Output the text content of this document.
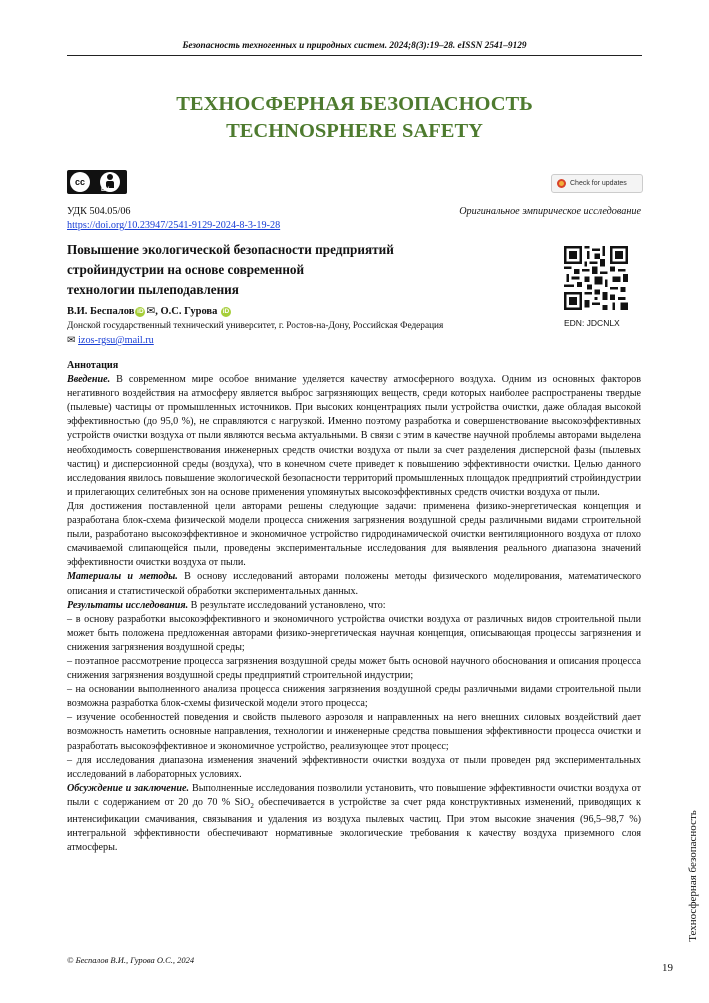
Безопасность техногенных и природных систем. 2024;8(3):19–28. eISSN 2541–9129
ТЕХНОСФЕРНАЯ БЕЗОПАСНОСТЬ
TECHNOSPHERE SAFETY
cc
BY
Check for updates
УДК 504.05/06	Оригинальное эмпирическое исследование
https://doi.org/10.23947/2541-9129-2024-8-3-19-28
Повышение экологической безопасности предприятий
стройиндустрии на основе современной
технологии пылеподавления
EDN: JDCNLX
В.И. Беспалов iD ✉, О.С. Гурова iD
Донской государственный технический университет, г. Ростов-на-Дону, Российская Федерация
✉ izos-rgsu@mail.ru

Аннотация

Введение. В современном мире особое внимание уделяется качеству атмосферного воздуха. Одним из основных факторов негативного воздействия на атмосферу является выброс загрязняющих веществ, среди которых наиболее распространены твердые (пылевые) частицы от промышленных источников. При высоких концентрациях пыли устройства очистки, даже обладая высокой эффективностью (до 95,0 %), не справляются с нагрузкой. Именно поэтому разработка и совершенствование высокоэффективных устройств очистки воздуха от пыли являются весьма актуальными. В связи с этим в качестве научной проблемы авторами выделена необходимость совершенствования инженерных средств очистки воздуха от пыли за счет разделения дисперсной фазы (пылевых частиц) и дисперсионной среды (воздуха), что в конечном счете приведет к повышению эффективности очистки. Целью данного исследования явилось повышение экологической безопасности территорий промышленных площадок предприятий стройиндустрии и прилегающих селитебных зон на основе применения упомянутых высокоэффективных средств очистки воздуха от пыли.

Для достижения поставленной цели авторами решены следующие задачи: применена физико-энергетическая концепция и разработана блок-схема физической модели процесса снижения загрязнения воздушной среды различными видами строительной пыли, разработано высокоэффективное и экономичное устройство гидродинамической очистки вентиляционного воздуха от плохо смачиваемой слипающейся пыли, проведены экспериментальные исследования для выявления реального диапазона значений эффективности очистки воздуха от пыли.

Материалы и методы. В основу исследований авторами положены методы физического моделирования, математического описания и статистической обработки экспериментальных данных.

Результаты исследования. В результате исследований установлено, что:

– в основу разработки высокоэффективного и экономичного устройства очистки воздуха от различных видов строительной пыли может быть положена предложенная авторами физико-энергетическая научная концепция, описывающая процессы загрязнения и снижения загрязнения воздушной среды;

– поэтапное рассмотрение процесса загрязнения воздушной среды может быть основой научного обоснования и описания процесса снижения загрязнения воздушной среды предприятий строительной индустрии;

– на основании выполненного анализа процесса снижения загрязнения воздушной среды различными видами строительной пыли возможна разработка блок-схемы физической модели этого процесса;

– изучение особенностей поведения и свойств пылевого аэрозоля и направленных на него внешних силовых воздействий дает возможность наметить основные направления, технологии и инженерные средства повышения эффективности процесса очистки и разработать высокоэффективное и экономичное устройство, реализующее этот процесс;

– для исследования диапазона изменения значений эффективности очистки воздуха от пыли проведен ряд экспериментальных исследований в лабораторных условиях.

Обсуждение и заключение. Выполненные исследования позволили установить, что повышение эффективности очистки воздуха от пыли с содержанием от 20 до 70 % SiO$_2$ обеспечивается в устройстве за счет ряда конструктивных изменений, приводящих к интенсификации смачивания, связывания и удаления из воздуха пылевых частиц. При этом высокие значения (96,5–98,7 %) интегральной эффективности обеспечивают нормативные экологические требования к качеству воздуха приземного слоя атмосферы.	Техносферная безопасность
© Беспалов В.И., Гурова О.С., 2024
19
